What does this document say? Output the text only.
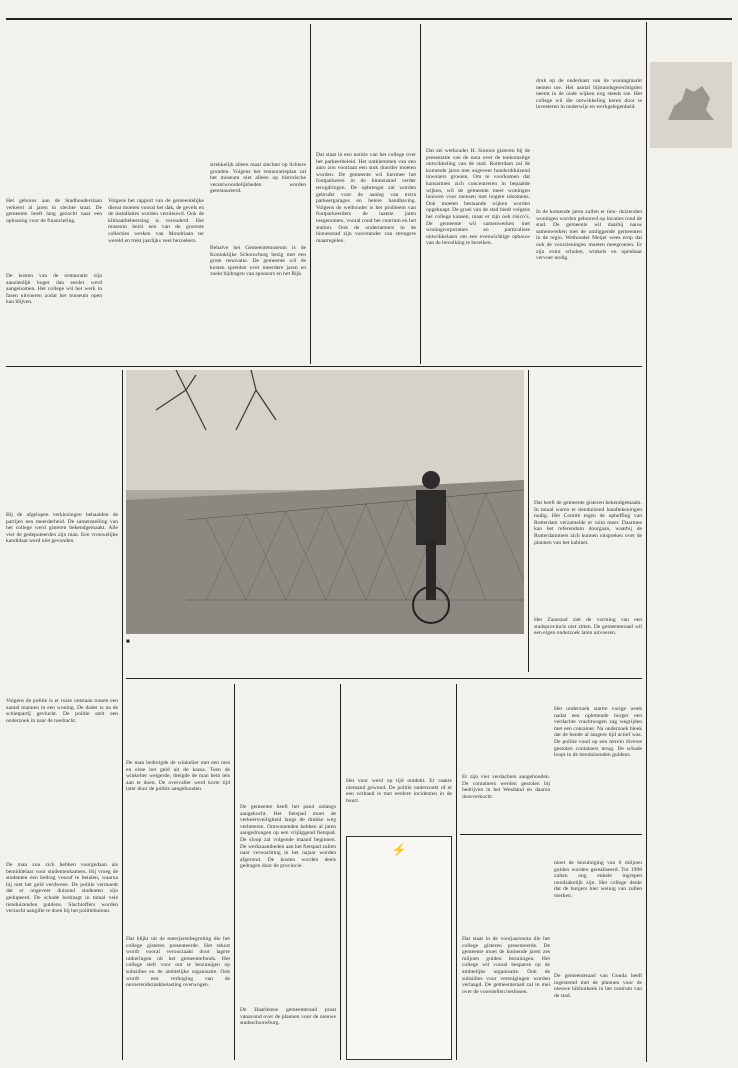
Het gebouw aan de Stadhouderslaan verkeert al jaren in slechte staat. De gemeente heeft lang gezocht naar een oplossing voor de financiering.
De kosten van de restauratie zijn aanzienlijk hoger dan eerder werd aangenomen. Het college wil het werk in fasen uitvoeren zodat het museum open kan blijven.
Volgens het rapport van de gemeentelijke dienst moeten vooral het dak, de gevels en de installaties worden vernieuwd. Ook de klimaatbeheersing is verouderd. Het museum bezit een van de grootste collecties werken van Mondriaan ter wereld en trekt jaarlijks veel bezoekers.
strekkelijk alleen maar slechter op lichtere gronden. Volgens het restauratieplan zal het museum niet alleen op historische verantwoordelijkheden worden gerestaureerd.
Behalve het Gemeentemuseum is de Koninklijke Schouwburg bezig met een grote renovatie. De gemeente wil de kosten spreiden over meerdere jaren en zoekt bijdragen van sponsors en het Rijk.
Dat staat in een notitie van het college over het parkeerbeleid. Het ontklemmen van een auto zou voortaan een stuk duurder moeten worden. De gemeente wil hiermee het foutparkeren in de binnenstad verder terugdringen. De opbrengst zal worden gebruikt voor de aanleg van extra parkeergarages en betere handhaving. Volgens de wethouder is het probleem van foutparkeerders de laatste jaren toegenomen, vooral rond het centrum en het station. Ook de ondernemers in de binnenstad zijn voorstander van strengere maatregelen.
Dat zei wethouder H. Simons gisteren bij de presentatie van de nota over de toekomstige ontwikkeling van de stad. Rotterdam zal de komende jaren met ongeveer honderdduizend inwoners groeien. Om te voorkomen dat kansarmen zich concentreren in bepaalde wijken, wil de gemeente meer woningen bouwen voor mensen met hogere inkomens. Ook moeten bestaande wijken worden opgeknapt. De groei van de stad biedt volgens het college kansen, maar er zijn ook risico’s. De gemeente wil samenwerken met woningcorporaties en particuliere ontwikkelaars om een evenwichtige opbouw van de bevolking te bereiken.
druk op de onderkant van de woningmarkt nemen toe. Het aantal bijstandsgerechtigden neemt in de oude wijken nog steeds toe. Het college wil die ontwikkeling keren door te investeren in onderwijs en werkgelegenheid.
In de komende jaren zullen er tien- duizenden woningen worden gebouwd op locaties rond de stad. De gemeente wil daarbij nauw samenwerken met de omliggende gemeenten in de regio. Wethouder Meijer wees erop dat ook de voorzieningen moeten meegroeien. Er zijn extra scholen, winkels en openbaar vervoer nodig.
Bij de afgelopen verkiezingen behaalden de partijen een meerderheid. De samenstelling van het college werd gisteren bekendgemaakt. Alle vier de gedeputeerden zijn man. Een vrouwelijke kandidaat werd niet gevonden.
Volgens de politie is er ruzie ontstaan tussen een aantal mannen in een woning. De dader is na de schietpartij gevlucht. De politie stelt een onderzoek in naar de toedracht.
De man zou zich hebben voorgedaan als bemiddelaar voor studentenkamers. Hij vroeg de studenten een bedrag vooraf te betalen, waarna hij met het geld verdween. De politie vermoedt dat er ongeveer duizend studenten zijn gedupeerd. De schade bedraagt in totaal vele tienduizenden guldens. Slachtoffers worden verzocht aangifte te doen bij het politiebureau.
■
Dat heeft de gemeente gisteren bekendgemaakt. In totaal waren er tienduizend handtekeningen nodig. Het Comité tegen de opheffing van Rotterdam verzamelde er ruim meer. Daarmee kan het referendum doorgaan, waarbij de Rotterdammers zich kunnen uitspreken over de plannen van het kabinet.
Het Zaanstad ziet de vorming van een stadsprovincie niet zitten. De gemeenteraad wil een eigen onderzoek laten uitvoeren.
De man bedreigde de winkelier met een mes en eiste het geld uit de kassa. Toen de winkelier weigerde, dreigde de man hem iets aan te doen. De overvaller werd korte tijd later door de politie aangehouden.
Dat blijkt uit de meerjarenbegroting die het college gisteren presenteerde. Het tekort wordt vooral veroorzaakt door lagere uitkeringen uit het gemeentefonds. Het college stelt voor om te bezuinigen op subsidies en de ambtelijke organisatie. Ook wordt een verhoging van de onroerendezaakbelasting overwogen.
De gemeente heeft het pand onlangs aangekocht. Het fietspad moet de verkeersveiligheid langs de drukke weg verbeteren. Omwonenden hebben al jaren aangedrongen op een vrijliggend fietspad. De sloop zal volgende maand beginnen. De werkzaamheden aan het fietspad zullen naar verwachting in het najaar worden afgerond. De kosten worden deels gedragen door de provincie.
De Haarlemse gemeenteraad praat vanavond over de plannen voor de nieuwe stadsschouwburg.
Het vuur werd op tijd ontdekt. Er raakte niemand gewond. De politie onderzoekt of er een verband is met eerdere incidenten in de buurt.
⚡
Er zijn vier verdachten aangehouden. De containers werden gestolen bij bedrijven in het Westland en daarna doorverkocht.
Het onderzoek startte vorige week nadat een oplettende burger een verdachte vrachtwagen zag wegrijden met een container. Na onderzoek bleek dat de bende al langere tijd actief was. De politie vond op een terrein diverse gestolen containers terug. De schade loopt in de tienduizenden guldens.
Dat staat in de voorjaarsnota die het college gisteren presenteerde. De gemeente moet de komende jaren zes miljoen gulden bezuinigen. Het college wil vooral besparen op de ambtelijke organisatie. Ook de subsidies voor verenigingen worden verlaagd. De gemeenteraad zal in mei over de voorstellen beslissen.
moet de bezuiniging van 6 miljoen gulden worden gerealiseerd. Tot 1998 zullen nog enkele ingrepen noodzakelijk zijn. Het college denkt dat de burgers hier weinig van zullen merken.
De gemeenteraad van Gouda heeft ingestemd met de plannen voor de nieuwe bibliotheek in het centrum van de stad.
